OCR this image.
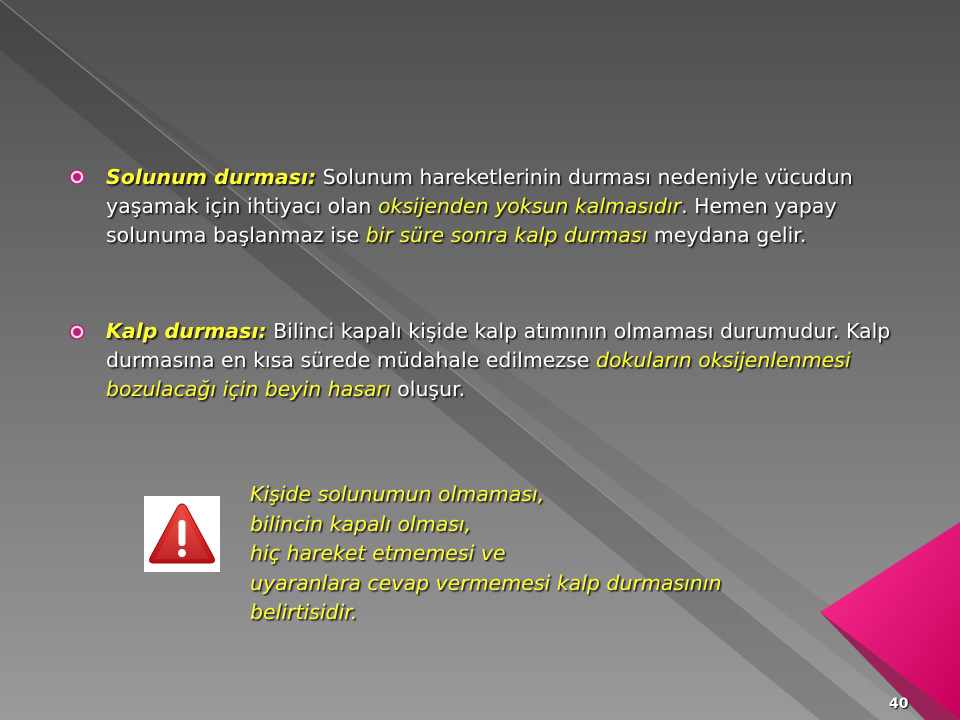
Solunum durması: Solunum hareketlerinin durması nedeniyle vücudun yaşamak için ihtiyacı olan oksijenden yoksun kalmasıdır. Hemen yapay solunuma başlanmaz ise bir süre sonra kalp durması meydana gelir.

Kalp durması: Bilinci kapalı kişide kalp atımının olmaması durumudur. Kalp durmasına en kısa sürede müdahale edilmezse dokuların oksijenlenmesi bozulacağı için beyin hasarı oluşur.

Kişide solunumun olmaması,
bilincin kapalı olması,
hiç hareket etmemesi ve
uyaranlara cevap vermemesi kalp durmasının
belirtisidir.
40
